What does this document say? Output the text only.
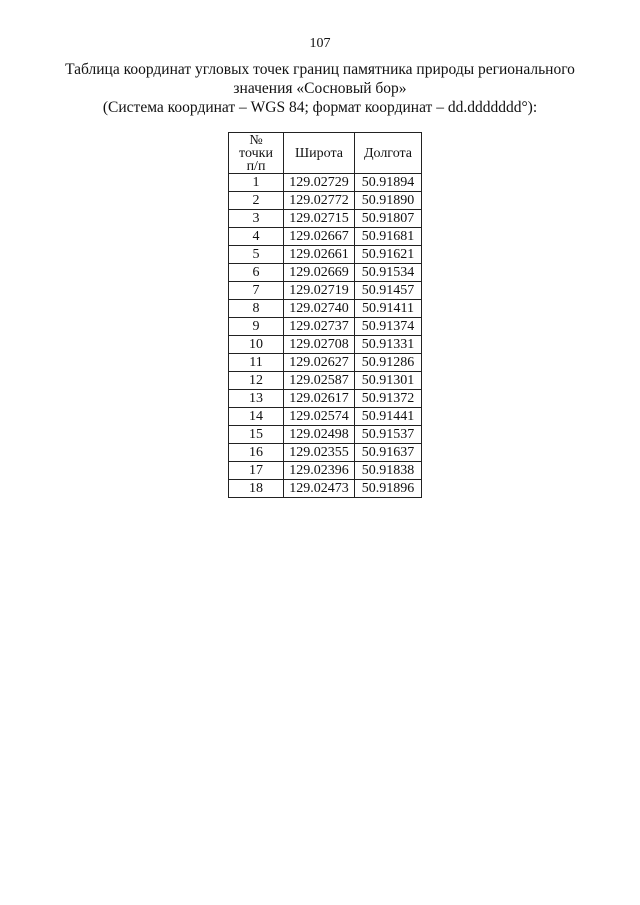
107
Таблица координат угловых точек границ памятника природы регионального
значения «Сосновый бор»
(Система координат – WGS 84; формат координат – dd.ddddddd°):
№
точки
п/п	Широта	Долгота
1	129.02729	50.91894
2	129.02772	50.91890
3	129.02715	50.91807
4	129.02667	50.91681
5	129.02661	50.91621
6	129.02669	50.91534
7	129.02719	50.91457
8	129.02740	50.91411
9	129.02737	50.91374
10	129.02708	50.91331
11	129.02627	50.91286
12	129.02587	50.91301
13	129.02617	50.91372
14	129.02574	50.91441
15	129.02498	50.91537
16	129.02355	50.91637
17	129.02396	50.91838
18	129.02473	50.91896
